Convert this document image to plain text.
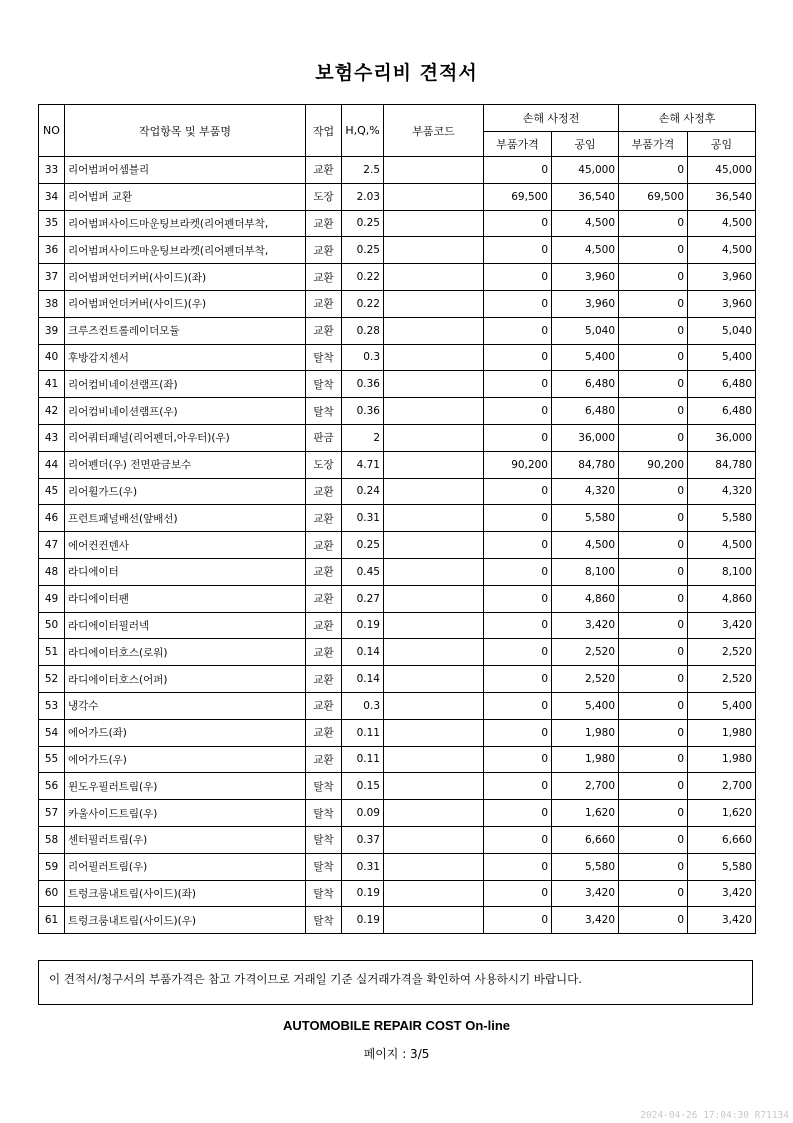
보험수리비 견적서
NO	작업항목 및 부품명	작업	H,Q,%	부품코드	손해 사정전		손해 사정후	
					부품가격	공임	부품가격	공임
33	리어범퍼어셈블리	교환	2.5		0	45,000	0	45,000
34	리어범퍼 교환	도장	2.03		69,500	36,540	69,500	36,540
35	리어범퍼사이드마운팅브라켓(리어펜더부착,	교환	0.25		0	4,500	0	4,500
36	리어범퍼사이드마운팅브라켓(리어펜더부착,	교환	0.25		0	4,500	0	4,500
37	리어범퍼언더커버(사이드)(좌)	교환	0.22		0	3,960	0	3,960
38	리어범퍼언더커버(사이드)(우)	교환	0.22		0	3,960	0	3,960
39	크루즈컨트롤레이더모듈	교환	0.28		0	5,040	0	5,040
40	후방감지센서	탈착	0.3		0	5,400	0	5,400
41	리어컴비네이션램프(좌)	탈착	0.36		0	6,480	0	6,480
42	리어컴비네이션램프(우)	탈착	0.36		0	6,480	0	6,480
43	리어쿼터패널(리어펜더,아우터)(우)	판금	2		0	36,000	0	36,000
44	리어펜더(우) 전면판금보수	도장	4.71		90,200	84,780	90,200	84,780
45	리어휠가드(우)	교환	0.24		0	4,320	0	4,320
46	프런트패널배선(앞배선)	교환	0.31		0	5,580	0	5,580
47	에어컨컨덴사	교환	0.25		0	4,500	0	4,500
48	라디에이터	교환	0.45		0	8,100	0	8,100
49	라디에이터팬	교환	0.27		0	4,860	0	4,860
50	라디에이터필러넥	교환	0.19		0	3,420	0	3,420
51	라디에이터호스(로워)	교환	0.14		0	2,520	0	2,520
52	라디에이터호스(어퍼)	교환	0.14		0	2,520	0	2,520
53	냉각수	교환	0.3		0	5,400	0	5,400
54	에어가드(좌)	교환	0.11		0	1,980	0	1,980
55	에어가드(우)	교환	0.11		0	1,980	0	1,980
56	윈도우필러트림(우)	탈착	0.15		0	2,700	0	2,700
57	카울사이드트림(우)	탈착	0.09		0	1,620	0	1,620
58	센터필러트림(우)	탈착	0.37		0	6,660	0	6,660
59	리어필러트림(우)	탈착	0.31		0	5,580	0	5,580
60	트렁크룸내트림(사이드)(좌)	탈착	0.19		0	3,420	0	3,420
61	트렁크룸내트림(사이드)(우)	탈착	0.19		0	3,420	0	3,420
이 견적서/청구서의 부품가격은 참고 가격이므로 거래일 기준 실거래가격을 확인하여 사용하시기 바랍니다.
AUTOMOBILE REPAIR COST On-line
페이지 : 3/5
2024-04-26 17:04:30 R71134
